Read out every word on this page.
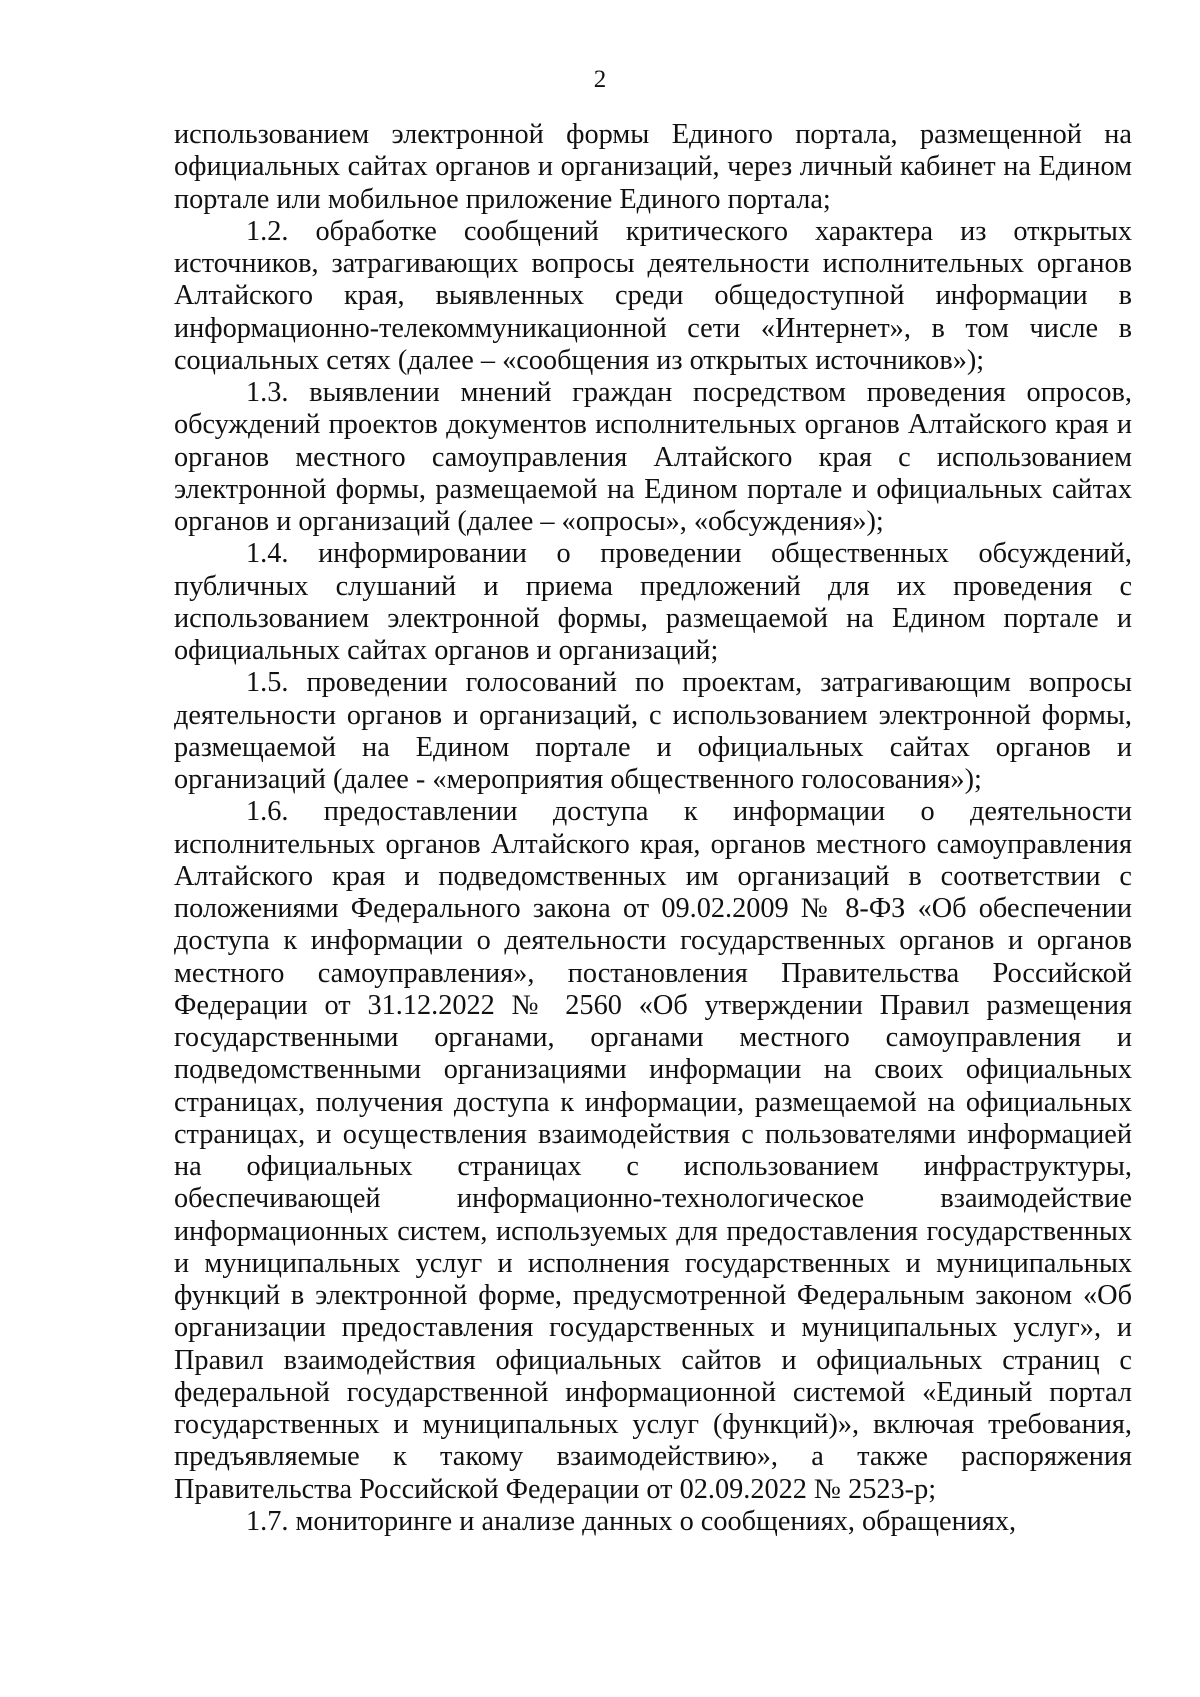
2

использованием электронной формы Единого портала, размещенной на официальных сайтах органов и организаций, через личный кабинет на Едином портале или мобильное приложение Единого портала;

1.2. обработке сообщений критического характера из открытых источников, затрагивающих вопросы деятельности исполнительных органов Алтайского края, выявленных среди общедоступной информации в информационно-телекоммуникационной сети «Интернет», в том числе в социальных сетях (далее – «сообщения из открытых источников»);

1.3. выявлении мнений граждан посредством проведения опросов, обсуждений проектов документов исполнительных органов Алтайского края и органов местного самоуправления Алтайского края с использованием электронной формы, размещаемой на Едином портале и официальных сайтах органов и организаций (далее – «опросы», «обсуждения»);

1.4. информировании о проведении общественных обсуждений, публичных слушаний и приема предложений для их проведения с использованием электронной формы, размещаемой на Едином портале и официальных сайтах органов и организаций;

1.5. проведении голосований по проектам, затрагивающим вопросы деятельности органов и организаций, с использованием электронной формы, размещаемой на Едином портале и официальных сайтах органов и организаций (далее - «мероприятия общественного голосования»);

1.6. предоставлении доступа к информации о деятельности исполнительных органов Алтайского края, органов местного самоуправления Алтайского края и подведомственных им организаций в соответствии с положениями Федерального закона от 09.02.2009 № 8-ФЗ «Об обеспечении доступа к информации о деятельности государственных органов и органов местного самоуправления», постановления Правительства Российской Федерации от 31.12.2022 № 2560 «Об утверждении Правил размещения государственными органами, органами местного самоуправления и подведомственными организациями информации на своих официальных страницах, получения доступа к информации, размещаемой на официальных страницах, и осуществления взаимодействия с пользователями информацией на официальных страницах с использованием инфраструктуры, обеспечивающей информационно-технологическое взаимодействие информационных систем, используемых для предоставления государственных и муниципальных услуг и исполнения государственных и муниципальных функций в электронной форме, предусмотренной Федеральным законом «Об организации предоставления государственных и муниципальных услуг», и Правил взаимодействия официальных сайтов и официальных страниц с федеральной государственной информационной системой «Единый портал государственных и муниципальных услуг (функций)», включая требования, предъявляемые к такому взаимодействию», а также распоряжения Правительства Российской Федерации от 02.09.2022 № 2523-р;

1.7. мониторинге и анализе данных о сообщениях, обращениях,
